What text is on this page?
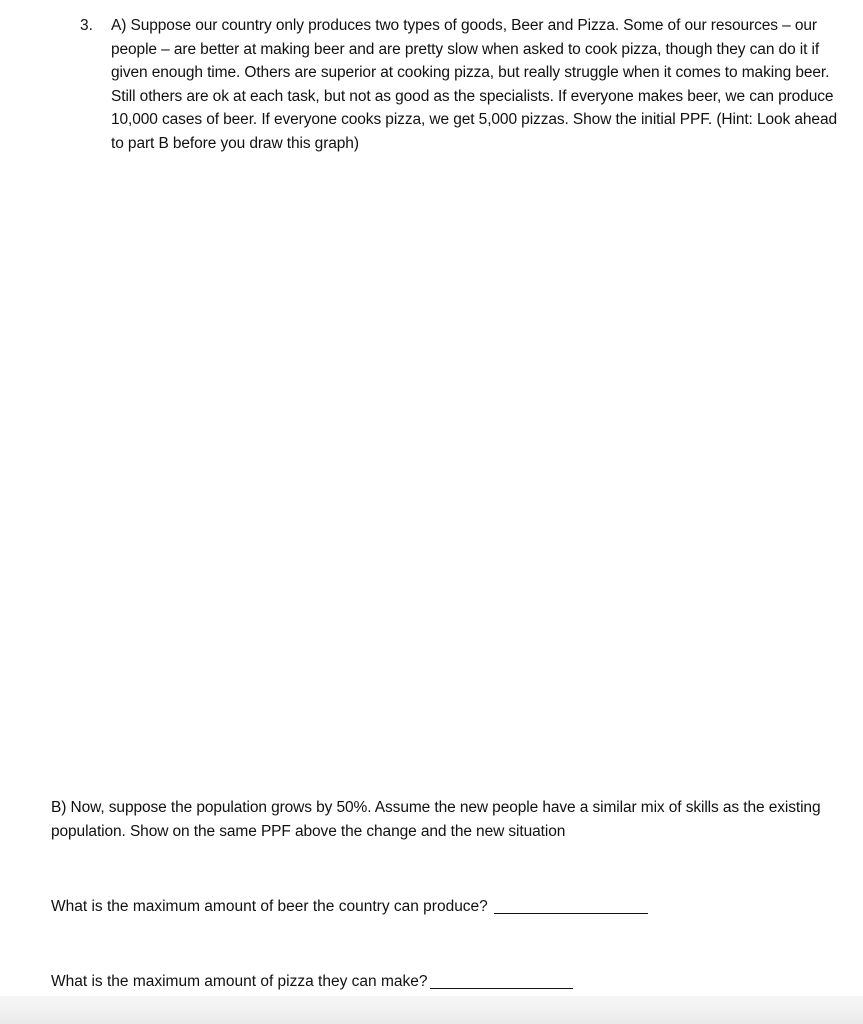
3. A) Suppose our country only produces two types of goods, Beer and Pizza. Some of our resources – our people – are better at making beer and are pretty slow when asked to cook pizza, though they can do it if given enough time. Others are superior at cooking pizza, but really struggle when it comes to making beer. Still others are ok at each task, but not as good as the specialists. If everyone makes beer, we can produce 10,000 cases of beer. If everyone cooks pizza, we get 5,000 pizzas. Show the initial PPF. (Hint: Look ahead to part B before you draw this graph)
B) Now, suppose the population grows by 50%. Assume the new people have a similar mix of skills as the existing population. Show on the same PPF above the change and the new situation
What is the maximum amount of beer the country can produce?
What is the maximum amount of pizza they can make?
